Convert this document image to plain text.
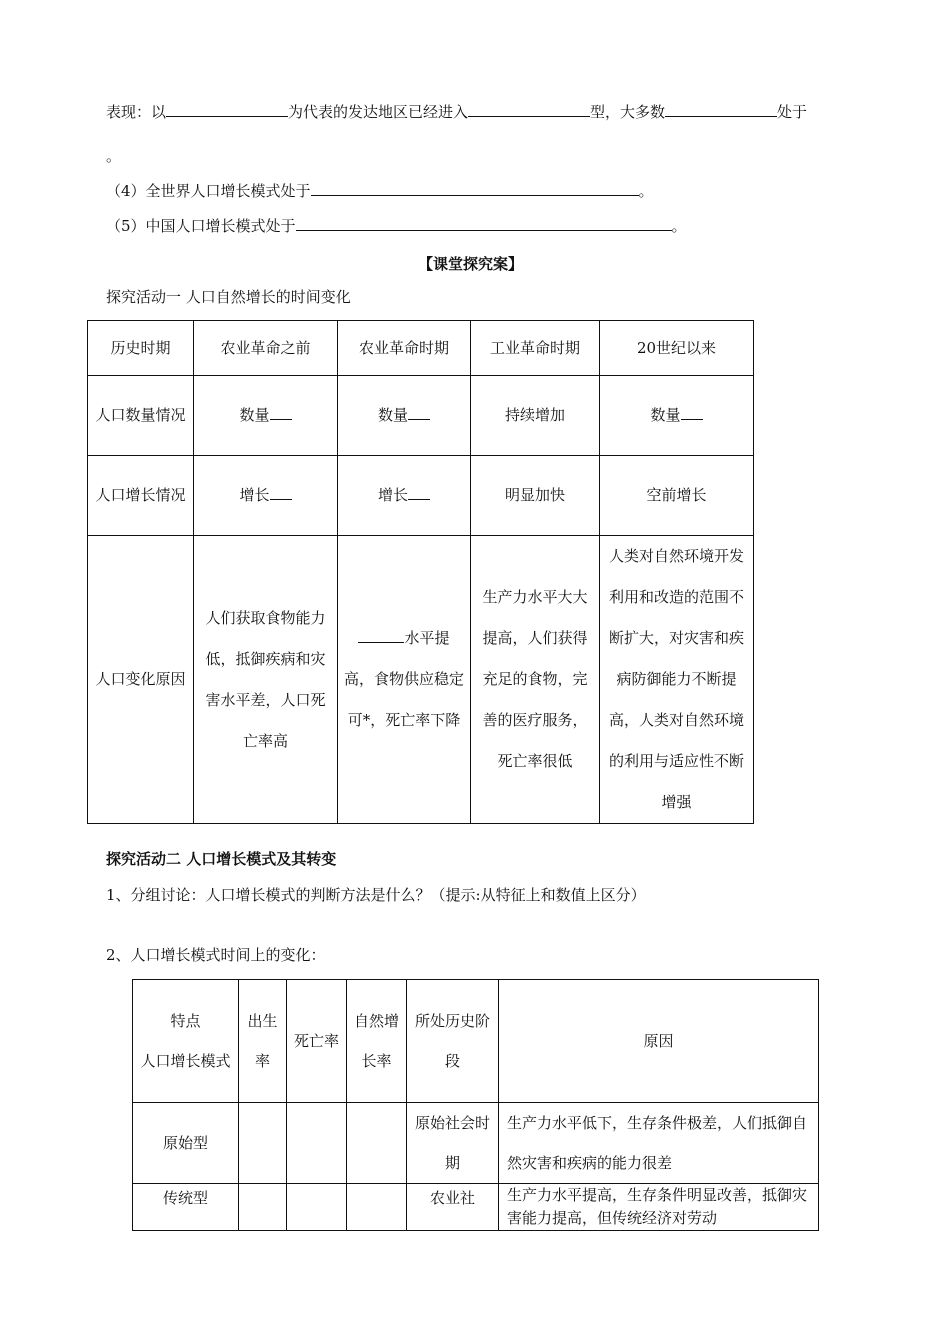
表现：以	为代表的发达地区已经进入	型，大多数	处于
。
（4）全世界人口增长模式处于	。
（5）中国人口增长模式处于	。
【课堂探究案】
探究活动一 人口自然增长的时间变化
历史时期	农业革命之前	农业革命时期	工业革命时期	20世纪以来
人口数量情况	数量	数量	持续增加	数量
人口增长情况	增长	增长	明显加快	空前增长
人口变化原因	人们获取食物能力低，抵御疾病和灾害水平差，人口死亡率高	水平提高，食物供应稳定可*，死亡率下降	生产力水平大大提高，人们获得充足的食物，完善的医疗服务，死亡率很低	人类对自然环境开发利用和改造的范围不断扩大，对灾害和疾病防御能力不断提高，人类对自然环境的利用与适应性不断增强
探究活动二 人口增长模式及其转变
1、分组讨论：人口增长模式的判断方法是什么？（提示:从特征上和数值上区分）
2、人口增长模式时间上的变化：
特点
人口增长模式	出生率	死亡率	自然增长率	所处历史阶段	原因
原始型				原始社会时期	生产力水平低下，生存条件极差，人们抵御自然灾害和疾病的能力很差
传统型				农业社	生产力水平提高，生存条件明显改善，抵御灾害能力提高，但传统经济对劳动
